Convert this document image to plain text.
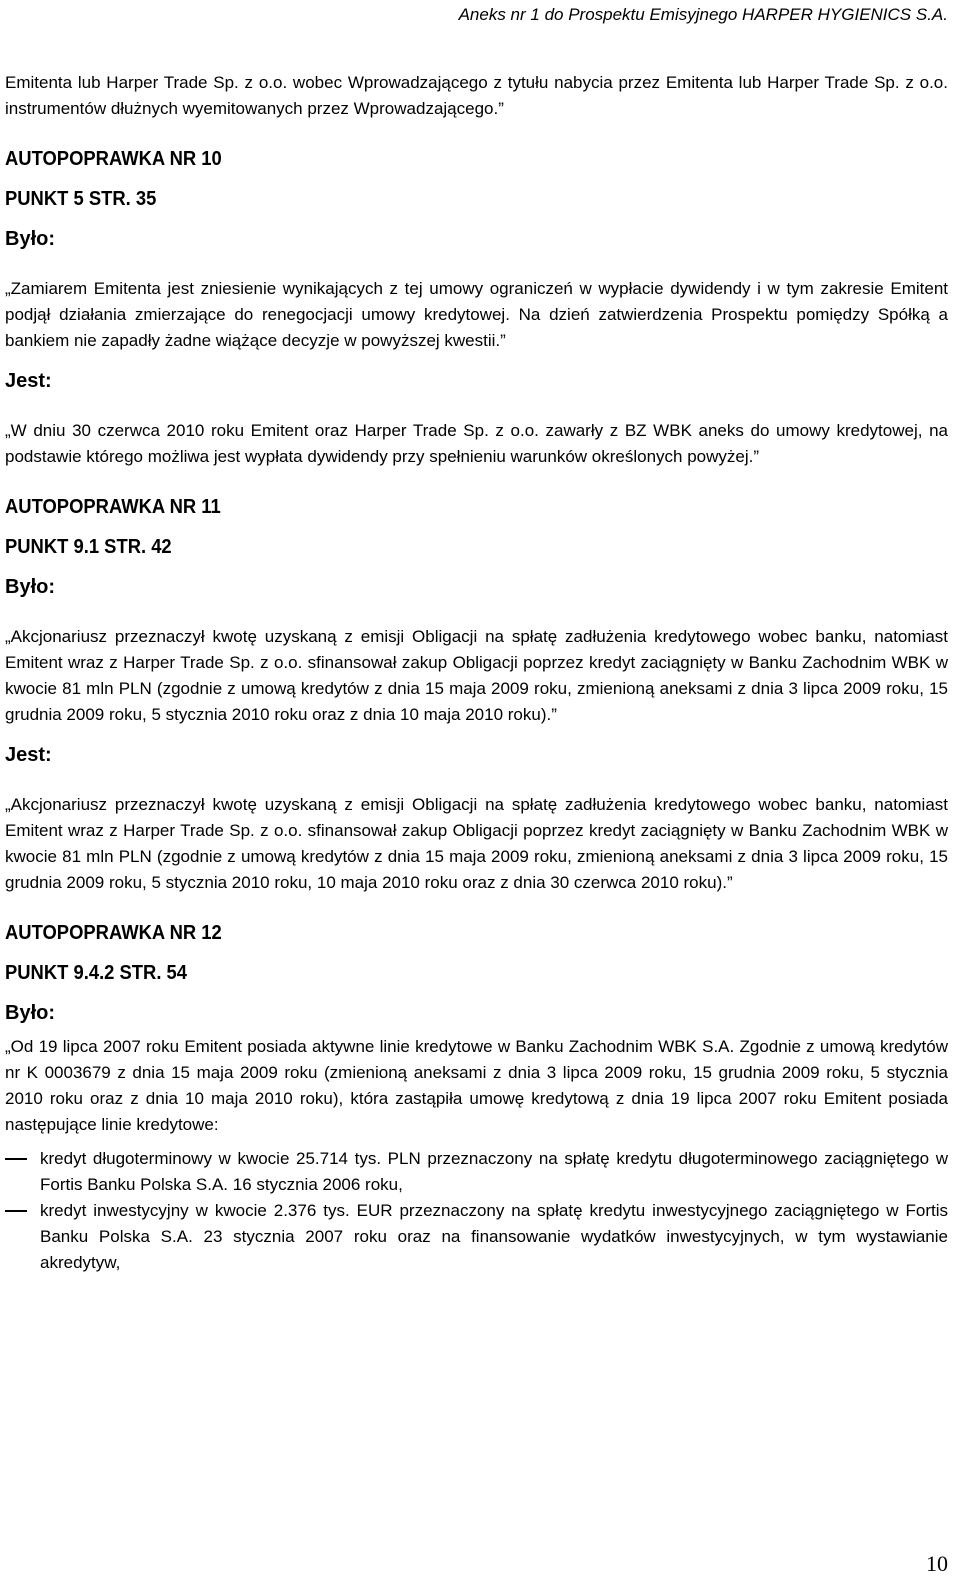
Aneks nr 1 do Prospektu Emisyjnego HARPER HYGIENICS S.A.

Emitenta lub Harper Trade Sp. z o.o. wobec Wprowadzającego z tytułu nabycia przez Emitenta lub Harper Trade Sp. z o.o. instrumentów dłużnych wyemitowanych przez Wprowadzającego.”

AUTOPOPRAWKA NR 10

PUNKT 5 STR. 35

Było:

„Zamiarem Emitenta jest zniesienie wynikających z tej umowy ograniczeń w wypłacie dywidendy i w tym zakresie Emitent podjął działania zmierzające do renegocjacji umowy kredytowej. Na dzień zatwierdzenia Prospektu pomiędzy Spółką a bankiem nie zapadły żadne wiążące decyzje w powyższej kwestii.”

Jest:

„W dniu 30 czerwca 2010 roku Emitent oraz Harper Trade Sp. z o.o. zawarły z BZ WBK aneks do umowy kredytowej, na podstawie którego możliwa jest wypłata dywidendy przy spełnieniu warunków określonych powyżej.”

AUTOPOPRAWKA NR 11

PUNKT 9.1 STR. 42

Było:

„Akcjonariusz przeznaczył kwotę uzyskaną z emisji Obligacji na spłatę zadłużenia kredytowego wobec banku, natomiast Emitent wraz z Harper Trade Sp. z o.o. sfinansował zakup Obligacji poprzez kredyt zaciągnięty w Banku Zachodnim WBK w kwocie 81 mln PLN (zgodnie z umową kredytów z dnia 15 maja 2009 roku, zmienioną aneksami z dnia 3 lipca 2009 roku, 15 grudnia 2009 roku, 5 stycznia 2010 roku oraz z dnia 10 maja 2010 roku).”

Jest:

„Akcjonariusz przeznaczył kwotę uzyskaną z emisji Obligacji na spłatę zadłużenia kredytowego wobec banku, natomiast Emitent wraz z Harper Trade Sp. z o.o. sfinansował zakup Obligacji poprzez kredyt zaciągnięty w Banku Zachodnim WBK w kwocie 81 mln PLN (zgodnie z umową kredytów z dnia 15 maja 2009 roku, zmienioną aneksami z dnia 3 lipca 2009 roku, 15 grudnia 2009 roku, 5 stycznia 2010 roku, 10 maja 2010 roku oraz z dnia 30 czerwca 2010 roku).”

AUTOPOPRAWKA NR 12

PUNKT 9.4.2 STR. 54

Było:

„Od 19 lipca 2007 roku Emitent posiada aktywne linie kredytowe w Banku Zachodnim WBK S.A. Zgodnie z umową kredytów nr K 0003679 z dnia 15 maja 2009 roku (zmienioną aneksami z dnia 3 lipca 2009 roku, 15 grudnia 2009 roku, 5 stycznia 2010 roku oraz z dnia 10 maja 2010 roku), która zastąpiła umowę kredytową z dnia 19 lipca 2007 roku Emitent posiada następujące linie kredytowe:

kredyt długoterminowy w kwocie 25.714 tys. PLN przeznaczony na spłatę kredytu długoterminowego zaciągniętego w Fortis Banku Polska S.A. 16 stycznia 2006 roku,
kredyt inwestycyjny w kwocie 2.376 tys. EUR przeznaczony na spłatę kredytu inwestycyjnego zaciągniętego w Fortis Banku Polska S.A. 23 stycznia 2007 roku oraz na finansowanie wydatków inwestycyjnych, w tym wystawianie akredytyw,
10
